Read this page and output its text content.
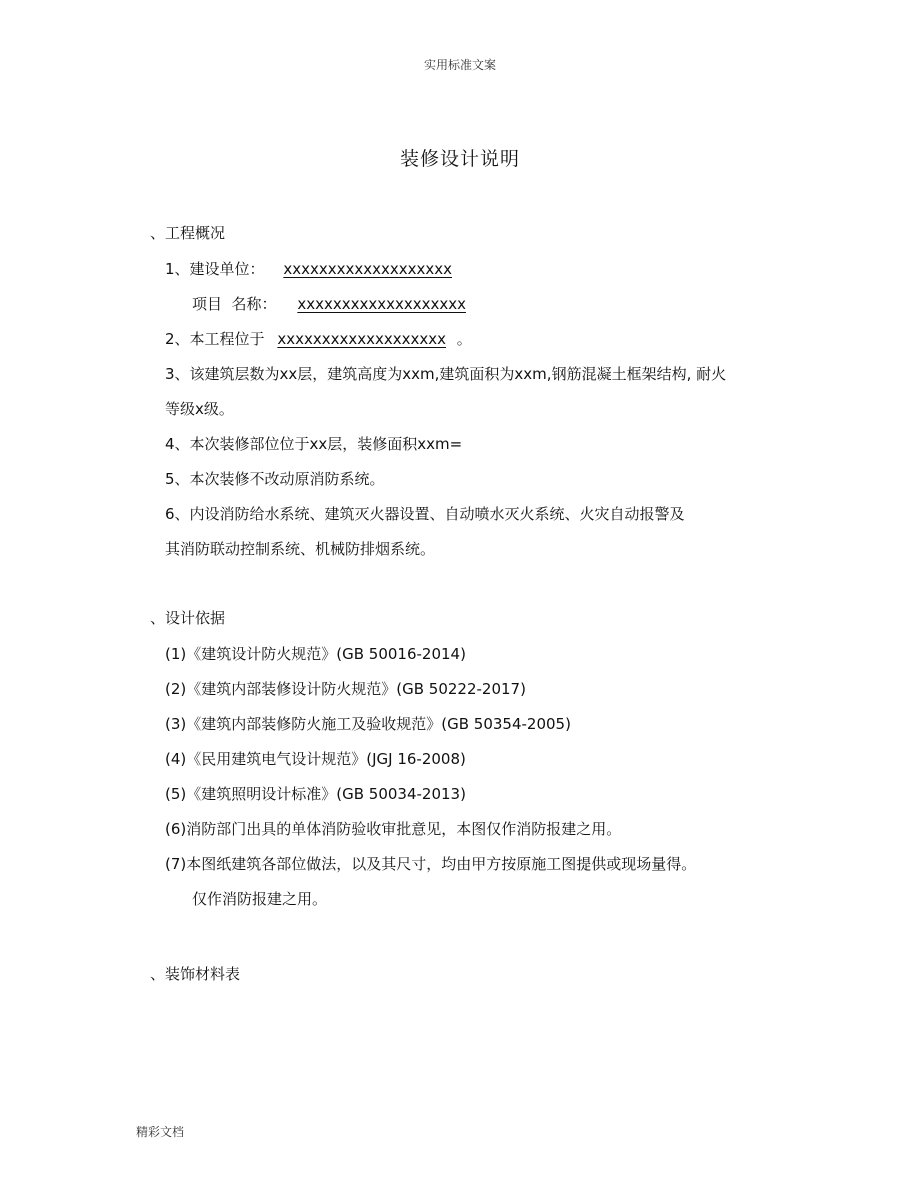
实用标准文案
装修设计说明
、工程概况
1、建设单位： xxxxxxxxxxxxxxxxxxx
项目  名称： xxxxxxxxxxxxxxxxxxx
2、本工程位于 xxxxxxxxxxxxxxxxxxx 。
3、该建筑层数为xx层，建筑高度为xxm,建筑面积为xxm,钢筋混凝土框架结构, 耐火
等级x级。
4、本次装修部位位于xx层，装修面积xxm=
5、本次装修不改动原消防系统。
6、内设消防给水系统、建筑灭火器设置、自动喷水灭火系统、火灾自动报警及
其消防联动控制系统、机械防排烟系统。
、设计依据
(1)《建筑设计防火规范》(GB 50016-2014)
(2)《建筑内部装修设计防火规范》(GB 50222-2017)
(3)《建筑内部装修防火施工及验收规范》(GB 50354-2005)
(4)《民用建筑电气设计规范》(JGJ 16-2008)
(5)《建筑照明设计标准》(GB 50034-2013)
(6)消防部门出具的单体消防验收审批意见，本图仅作消防报建之用。
(7)本图纸建筑各部位做法，以及其尺寸，均由甲方按原施工图提供或现场量得。
仅作消防报建之用。
、装饰材料表
精彩文档
